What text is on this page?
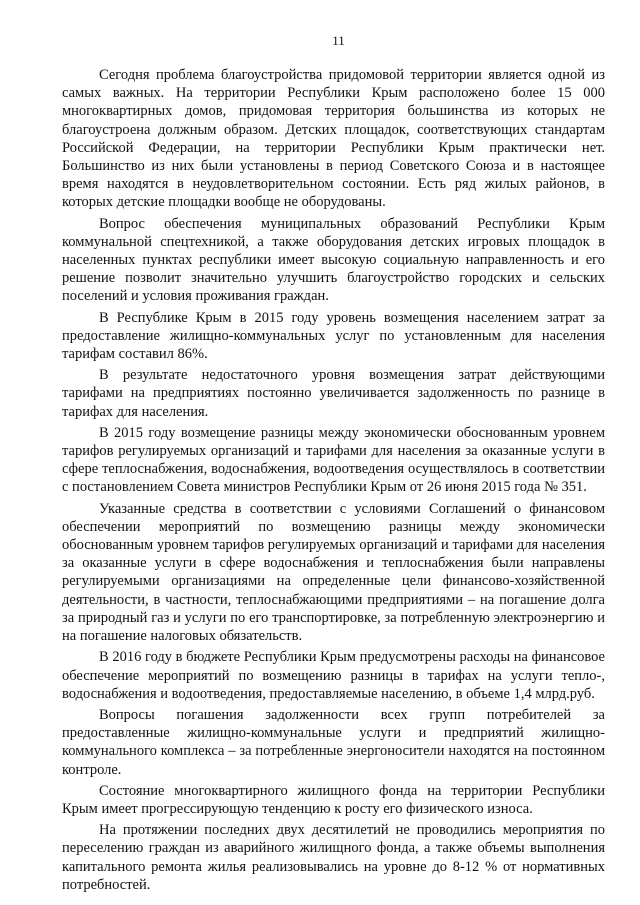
11

Сегодня проблема благоустройства придомовой территории является одной из самых важных. На территории Республики Крым расположено более 15 000 многоквартирных домов, придомовая территория большинства из которых не благоустроена должным образом. Детских площадок, соответствующих стандартам Российской Федерации, на территории Республики Крым практически нет. Большинство из них были установлены в период Советского Союза и в настоящее время находятся в неудовлетворительном состоянии. Есть ряд жилых районов, в которых детские площадки вообще не оборудованы.

Вопрос обеспечения муниципальных образований Республики Крым коммунальной спецтехникой, а также оборудования детских игровых площадок в населенных пунктах республики имеет высокую социальную направленность и его решение позволит значительно улучшить благоустройство городских и сельских поселений и условия проживания граждан.

В Республике Крым в 2015 году уровень возмещения населением затрат за предоставление жилищно-коммунальных услуг по установленным для населения тарифам составил 86%.

В результате недостаточного уровня возмещения затрат действующими тарифами на предприятиях постоянно увеличивается задолженность по разнице в тарифах для населения.

В 2015 году возмещение разницы между экономически обоснованным уровнем тарифов регулируемых организаций и тарифами для населения за оказанные услуги в сфере теплоснабжения, водоснабжения, водоотведения осуществлялось в соответствии с постановлением Совета министров Республики Крым от 26 июня 2015 года № 351.

Указанные средства в соответствии с условиями Соглашений о финансовом обеспечении мероприятий по возмещению разницы между экономически обоснованным уровнем тарифов регулируемых организаций и тарифами для населения за оказанные услуги в сфере водоснабжения и теплоснабжения были направлены регулируемыми организациями на определенные цели финансово-хозяйственной деятельности, в частности, теплоснабжающими предприятиями – на погашение долга за природный газ и услуги по его транспортировке, за потребленную электроэнергию и на погашение налоговых обязательств.

В 2016 году в бюджете Республики Крым предусмотрены расходы на финансовое обеспечение мероприятий по возмещению разницы в тарифах на услуги тепло-, водоснабжения и водоотведения, предоставляемые населению, в объеме 1,4 млрд.руб.

Вопросы погашения задолженности всех групп потребителей за предоставленные жилищно-коммунальные услуги и предприятий жилищно-коммунального комплекса – за потребленные энергоносители находятся на постоянном контроле.

Состояние многоквартирного жилищного фонда на территории Республики Крым имеет прогрессирующую тенденцию к росту его физического износа.

На протяжении последних двух десятилетий не проводились мероприятия по переселению граждан из аварийного жилищного фонда, а также объемы выполнения капитального ремонта жилья реализовывались на уровне до 8-12 % от нормативных потребностей.
